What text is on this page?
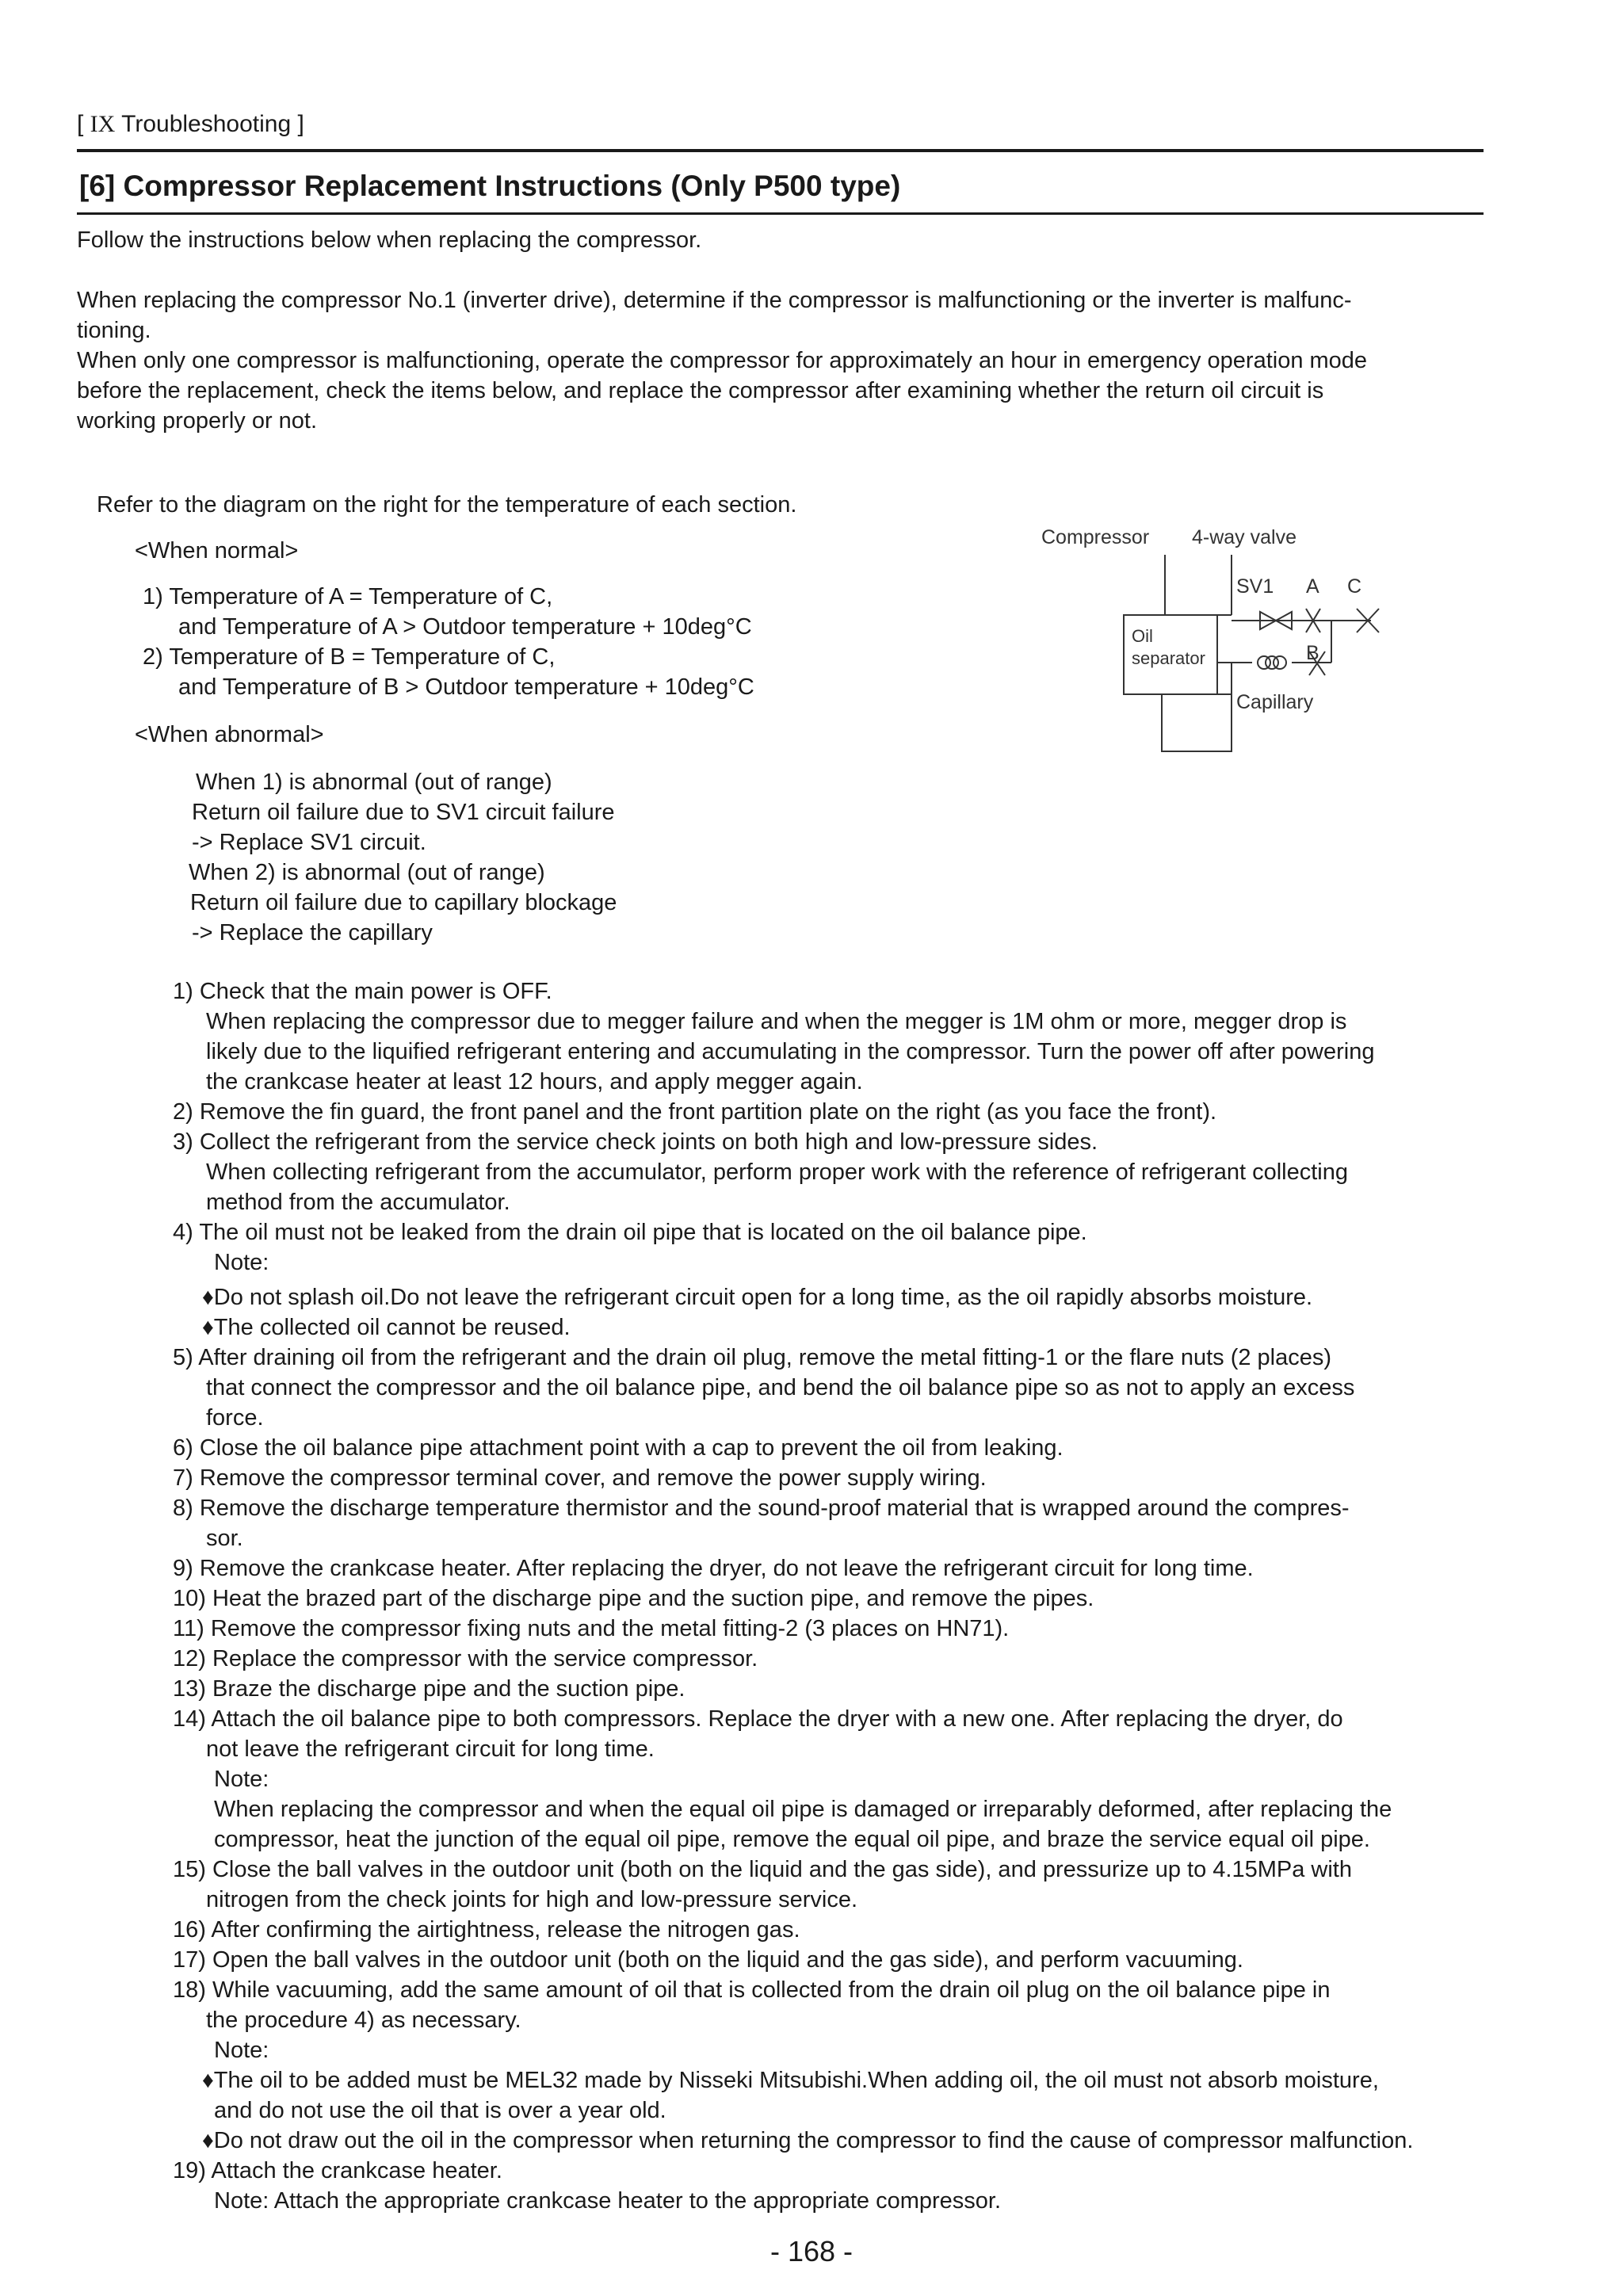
[ IX Troubleshooting ]
[6] Compressor Replacement Instructions (Only P500 type)
Follow the instructions below when replacing the compressor.
When replacing the compressor No.1 (inverter drive), determine if the compressor is malfunctioning or the inverter is malfunc-
tioning.
When only one compressor is malfunctioning, operate the compressor for approximately an hour in emergency operation mode
before the replacement, check the items below, and replace the compressor after examining whether the return oil circuit is
working properly or not.
Refer to the diagram on the right for the temperature of each section.
<When normal>
1) Temperature of A = Temperature of C,
and Temperature of A > Outdoor temperature + 10deg°C
2) Temperature of B = Temperature of C,
and Temperature of B > Outdoor temperature + 10deg°C
<When abnormal>
When 1) is abnormal (out of range)
Return oil failure due to SV1 circuit failure
-> Replace SV1 circuit.
When 2) is abnormal (out of range)
Return oil failure due to capillary blockage
-> Replace the capillary
Compressor 4-way valve
SV1 A C
Oil
separator	B
Capillary
1) Check that the main power is OFF.
When replacing the compressor due to megger failure and when the megger is 1M ohm or more, megger drop is
likely due to the liquified refrigerant entering and accumulating in the compressor. Turn the power off after powering
the crankcase heater at least 12 hours, and apply megger again.
2) Remove the fin guard, the front panel and the front partition plate on the right (as you face the front).
3) Collect the refrigerant from the service check joints on both high and low-pressure sides.
When collecting refrigerant from the accumulator, perform proper work with the reference of refrigerant collecting
method from the accumulator.
4) The oil must not be leaked from the drain oil pipe that is located on the oil balance pipe.
Note:
♦Do not splash oil.Do not leave the refrigerant circuit open for a long time, as the oil rapidly absorbs moisture.
♦The collected oil cannot be reused.
5) After draining oil from the refrigerant and the drain oil plug, remove the metal fitting-1 or the flare nuts (2 places)
that connect the compressor and the oil balance pipe, and bend the oil balance pipe so as not to apply an excess
force.
6) Close the oil balance pipe attachment point with a cap to prevent the oil from leaking.
7) Remove the compressor terminal cover, and remove the power supply wiring.
8) Remove the discharge temperature thermistor and the sound-proof material that is wrapped around the compres-
sor.
9) Remove the crankcase heater. After replacing the dryer, do not leave the refrigerant circuit for long time.
10) Heat the brazed part of the discharge pipe and the suction pipe, and remove the pipes.
11) Remove the compressor fixing nuts and the metal fitting-2 (3 places on HN71).
12) Replace the compressor with the service compressor.
13) Braze the discharge pipe and the suction pipe.
14) Attach the oil balance pipe to both compressors. Replace the dryer with a new one. After replacing the dryer, do
not leave the refrigerant circuit for long time.
Note:
When replacing the compressor and when the equal oil pipe is damaged or irreparably deformed, after replacing the
compressor, heat the junction of the equal oil pipe, remove the equal oil pipe, and braze the service equal oil pipe.
15) Close the ball valves in the outdoor unit (both on the liquid and the gas side), and pressurize up to 4.15MPa with
nitrogen from the check joints for high and low-pressure service.
16) After confirming the airtightness, release the nitrogen gas.
17) Open the ball valves in the outdoor unit (both on the liquid and the gas side), and perform vacuuming.
18) While vacuuming, add the same amount of oil that is collected from the drain oil plug on the oil balance pipe in
the procedure 4) as necessary.
Note:
♦The oil to be added must be MEL32 made by Nisseki Mitsubishi.When adding oil, the oil must not absorb moisture,
and do not use the oil that is over a year old.
♦Do not draw out the oil in the compressor when returning the compressor to find the cause of compressor malfunction.
19) Attach the crankcase heater.
Note: Attach the appropriate crankcase heater to the appropriate compressor.
- 168 -
